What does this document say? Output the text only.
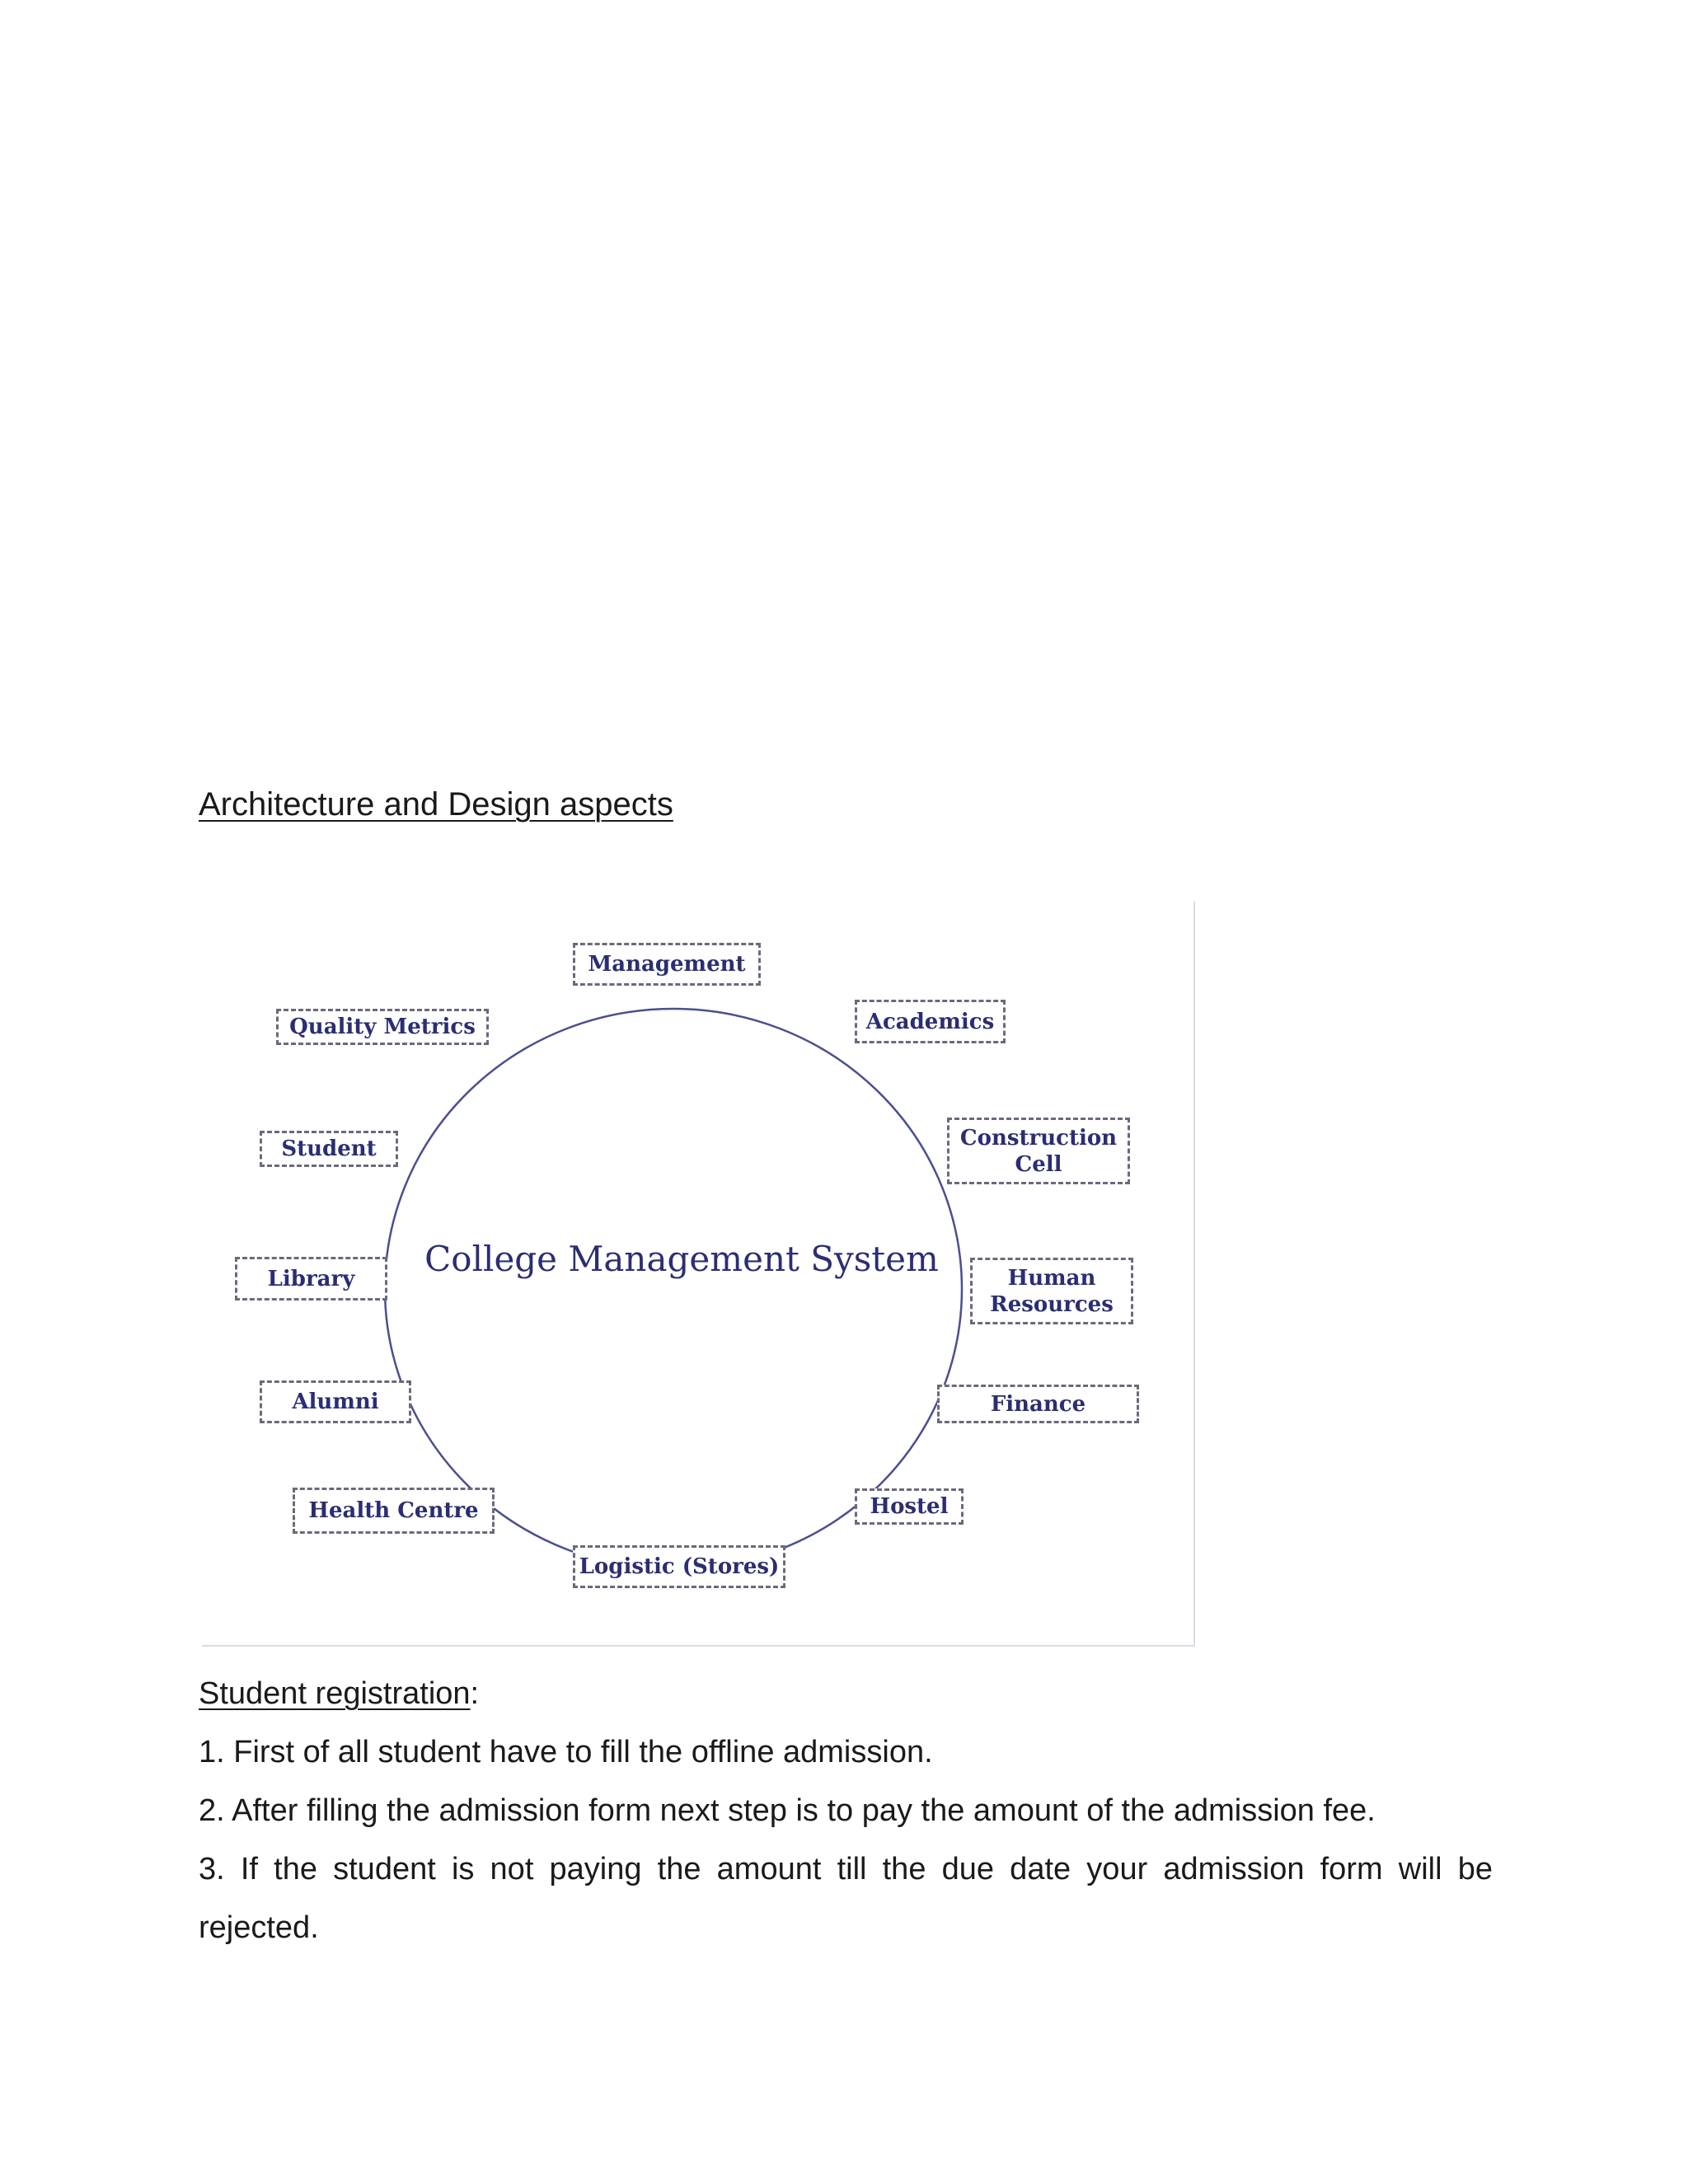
Architecture and Design aspects
College Management System
Management
Academics
Construction
Cell
Human
Resources
Finance
Hostel
Logistic (Stores)
Health Centre
Alumni
Library
Student
Quality Metrics

Student registration:

1. First of all student have to fill the offline admission.

2. After filling the admission form next step is to pay the amount of the admission fee.

3. If the student is not paying the amount till the due date your admission form will be rejected.
